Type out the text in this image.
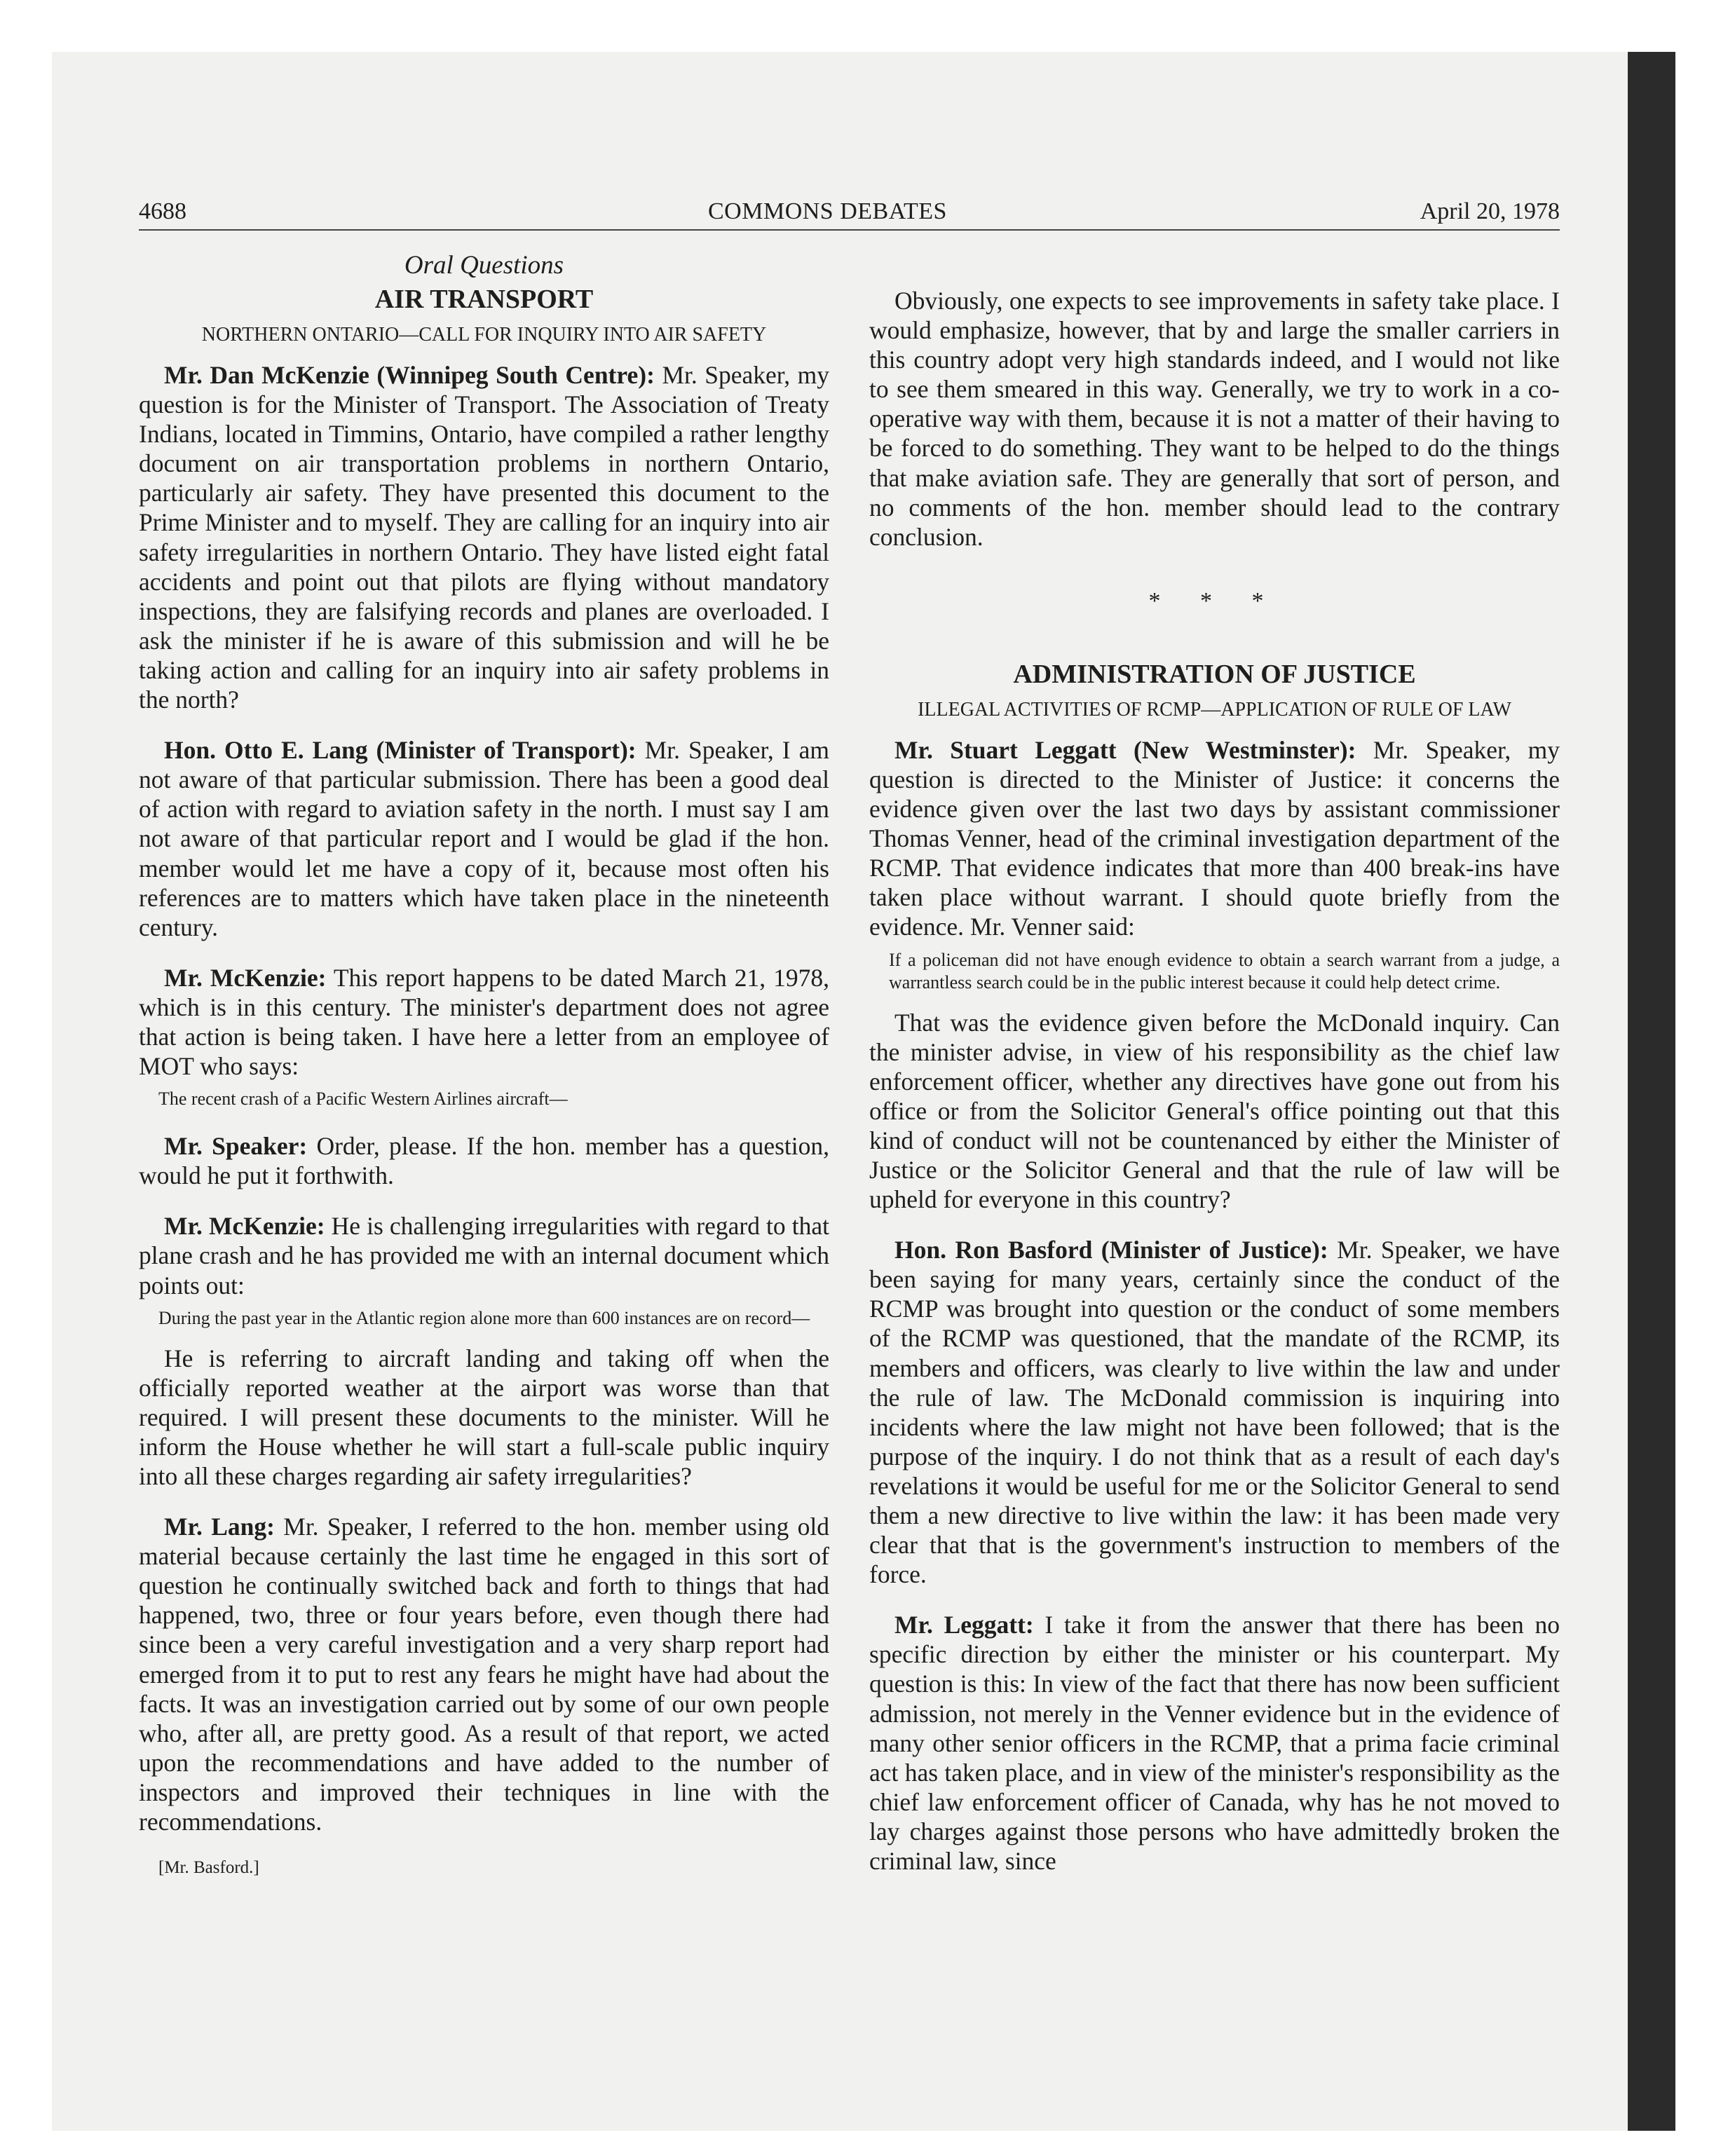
4688	COMMONS DEBATES	April 20, 1978

Oral Questions

AIR TRANSPORT

NORTHERN ONTARIO—CALL FOR INQUIRY INTO AIR SAFETY

Mr. Dan McKenzie (Winnipeg South Centre): Mr. Speaker, my question is for the Minister of Transport. The Association of Treaty Indians, located in Timmins, Ontario, have compiled a rather lengthy document on air transportation problems in northern Ontario, particularly air safety. They have presented this document to the Prime Minister and to myself. They are calling for an inquiry into air safety irregularities in northern Ontario. They have listed eight fatal accidents and point out that pilots are flying without mandatory inspections, they are falsifying records and planes are overloaded. I ask the minister if he is aware of this submission and will he be taking action and calling for an inquiry into air safety problems in the north?

Hon. Otto E. Lang (Minister of Transport): Mr. Speaker, I am not aware of that particular submission. There has been a good deal of action with regard to aviation safety in the north. I must say I am not aware of that particular report and I would be glad if the hon. member would let me have a copy of it, because most often his references are to matters which have taken place in the nineteenth century.

Mr. McKenzie: This report happens to be dated March 21, 1978, which is in this century. The minister's department does not agree that action is being taken. I have here a letter from an employee of MOT who says:

The recent crash of a Pacific Western Airlines aircraft—

Mr. Speaker: Order, please. If the hon. member has a question, would he put it forthwith.

Mr. McKenzie: He is challenging irregularities with regard to that plane crash and he has provided me with an internal document which points out:

During the past year in the Atlantic region alone more than 600 instances are on record—

He is referring to aircraft landing and taking off when the officially reported weather at the airport was worse than that required. I will present these documents to the minister. Will he inform the House whether he will start a full-scale public inquiry into all these charges regarding air safety irregularities?

Mr. Lang: Mr. Speaker, I referred to the hon. member using old material because certainly the last time he engaged in this sort of question he continually switched back and forth to things that had happened, two, three or four years before, even though there had since been a very careful investigation and a very sharp report had emerged from it to put to rest any fears he might have had about the facts. It was an investigation carried out by some of our own people who, after all, are pretty good. As a result of that report, we acted upon the recommendations and have added to the number of inspectors and improved their techniques in line with the recommendations.

[Mr. Basford.]

Obviously, one expects to see improvements in safety take place. I would emphasize, however, that by and large the smaller carriers in this country adopt very high standards indeed, and I would not like to see them smeared in this way. Generally, we try to work in a co-operative way with them, because it is not a matter of their having to be forced to do something. They want to be helped to do the things that make aviation safe. They are generally that sort of person, and no comments of the hon. member should lead to the contrary conclusion.

* * *

ADMINISTRATION OF JUSTICE

ILLEGAL ACTIVITIES OF RCMP—APPLICATION OF RULE OF LAW

Mr. Stuart Leggatt (New Westminster): Mr. Speaker, my question is directed to the Minister of Justice: it concerns the evidence given over the last two days by assistant commissioner Thomas Venner, head of the criminal investigation department of the RCMP. That evidence indicates that more than 400 break-ins have taken place without warrant. I should quote briefly from the evidence. Mr. Venner said:

If a policeman did not have enough evidence to obtain a search warrant from a judge, a warrantless search could be in the public interest because it could help detect crime.

That was the evidence given before the McDonald inquiry. Can the minister advise, in view of his responsibility as the chief law enforcement officer, whether any directives have gone out from his office or from the Solicitor General's office pointing out that this kind of conduct will not be countenanced by either the Minister of Justice or the Solicitor General and that the rule of law will be upheld for everyone in this country?

Hon. Ron Basford (Minister of Justice): Mr. Speaker, we have been saying for many years, certainly since the conduct of the RCMP was brought into question or the conduct of some members of the RCMP was questioned, that the mandate of the RCMP, its members and officers, was clearly to live within the law and under the rule of law. The McDonald commission is inquiring into incidents where the law might not have been followed; that is the purpose of the inquiry. I do not think that as a result of each day's revelations it would be useful for me or the Solicitor General to send them a new directive to live within the law: it has been made very clear that that is the government's instruction to members of the force.

Mr. Leggatt: I take it from the answer that there has been no specific direction by either the minister or his counterpart. My question is this: In view of the fact that there has now been sufficient admission, not merely in the Venner evidence but in the evidence of many other senior officers in the RCMP, that a prima facie criminal act has taken place, and in view of the minister's responsibility as the chief law enforcement officer of Canada, why has he not moved to lay charges against those persons who have admittedly broken the criminal law, since
